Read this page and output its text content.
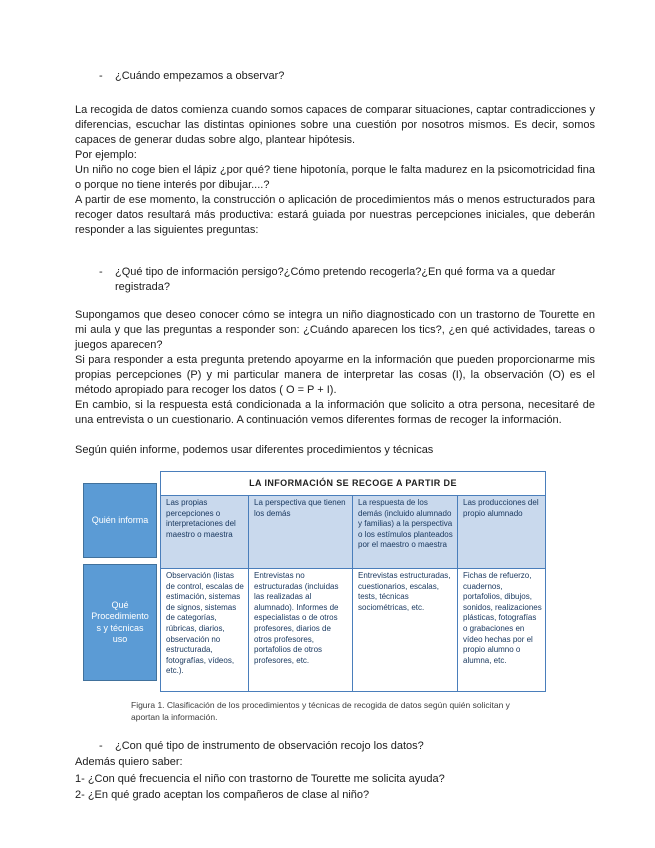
- ¿Cuándo empezamos a observar?
La recogida de datos comienza cuando somos capaces de comparar situaciones, captar contradicciones y diferencias, escuchar las distintas opiniones sobre una cuestión por nosotros mismos. Es decir, somos capaces de generar dudas sobre algo, plantear hipótesis.
Por ejemplo:
Un niño no coge bien el lápiz ¿por qué? tiene hipotonía, porque le falta madurez en la psicomotricidad fina o porque no tiene interés por dibujar....?
A partir de ese momento, la construcción o aplicación de procedimientos más o menos estructurados para recoger datos resultará más productiva: estará guiada por nuestras percepciones iniciales, que deberán responder a las siguientes preguntas:
- ¿Qué tipo de información persigo?¿Cómo pretendo recogerla?¿En qué forma va a quedar registrada?
Supongamos que deseo conocer cómo se integra un niño diagnosticado con un trastorno de Tourette en mi aula y que las preguntas a responder son: ¿Cuándo aparecen los tics?, ¿en qué actividades, tareas o juegos aparecen?
Si para responder a esta pregunta pretendo apoyarme en la información que pueden proporcionarme mis propias percepciones (P) y mi particular manera de interpretar las cosas (I), la observación (O) es el método apropiado para recoger los datos ( O = P + I).
En cambio, si la respuesta está condicionada a la información que solicito a otra persona, necesitaré de una entrevista o un cuestionario. A continuación vemos diferentes formas de recoger la información.
Según quién informe, podemos usar diferentes procedimientos y técnicas
Quién informa
Qué Procedimientos y técnicas uso
LA INFORMACIÓN SE RECOGE A PARTIR DE			
Las propias percepciones o interpretaciones del maestro o maestra	La perspectiva que tienen los demás	La respuesta de los demás (incluido alumnado y familias) a la perspectiva o los estímulos planteados por el maestro o maestra	Las producciones del propio alumnado
Observación (listas de control, escalas de estimación, sistemas de signos, sistemas de categorías, rúbricas, diarios, observación no estructurada, fotografías, vídeos, etc.).	Entrevistas no estructuradas (incluidas las realizadas al alumnado). Informes de especialistas o de otros profesores, diarios de otros profesores, portafolios de otros profesores, etc.	Entrevistas estructuradas, cuestionarios, escalas, tests, técnicas sociométricas, etc.	Fichas de refuerzo, cuadernos, portafolios, dibujos, sonidos, realizaciones plásticas, fotografías o grabaciones en vídeo hechas por el propio alumno o alumna, etc.
Figura 1. Clasificación de los procedimientos y técnicas de recogida de datos según quién solicitan y aportan la información.
- ¿Con qué tipo de instrumento de observación recojo los datos?
Además quiero saber:
1- ¿Con qué frecuencia el niño con trastorno de Tourette me solicita ayuda?
2- ¿En qué grado aceptan los compañeros de clase al niño?
